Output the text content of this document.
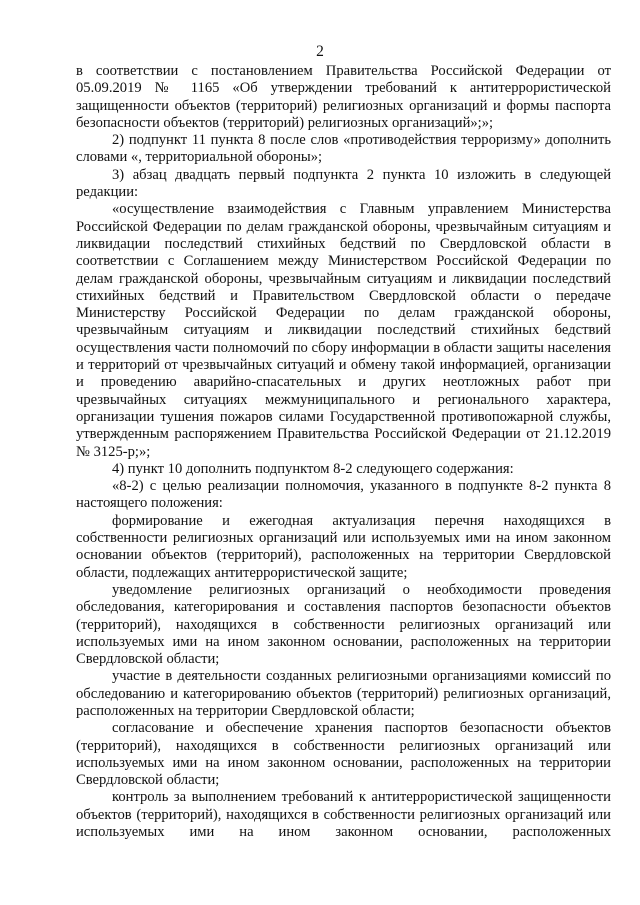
2

в соответствии с постановлением Правительства Российской Федерации от 05.09.2019 № 1165 «Об утверждении требований к антитеррористической защищенности объектов (территорий) религиозных организаций и формы паспорта безопасности объектов (территорий) религиозных организаций»;»;

2) подпункт 11 пункта 8 после слов «противодействия терроризму» дополнить словами «, территориальной обороны»;

3) абзац двадцать первый подпункта 2 пункта 10 изложить в следующей редакции:

«осуществление взаимодействия с Главным управлением Министерства Российской Федерации по делам гражданской обороны, чрезвычайным ситуациям и ликвидации последствий стихийных бедствий по Свердловской области в соответствии с Соглашением между Министерством Российской Федерации по делам гражданской обороны, чрезвычайным ситуациям и ликвидации последствий стихийных бедствий и Правительством Свердловской области о передаче Министерству Российской Федерации по делам гражданской обороны, чрезвычайным ситуациям и ликвидации последствий стихийных бедствий осуществления части полномочий по сбору информации в области защиты населения и территорий от чрезвычайных ситуаций и обмену такой информацией, организации и проведению аварийно-спасательных и других неотложных работ при чрезвычайных ситуациях межмуниципального и регионального характера, организации тушения пожаров силами Государственной противопожарной службы, утвержденным распоряжением Правительства Российской Федерации от 21.12.2019 № 3125-р;»;

4) пункт 10 дополнить подпунктом 8-2 следующего содержания:

«8-2) с целью реализации полномочия, указанного в подпункте 8-2 пункта 8 настоящего положения:

формирование и ежегодная актуализация перечня находящихся в собственности религиозных организаций или используемых ими на ином законном основании объектов (территорий), расположенных на территории Свердловской области, подлежащих антитеррористической защите;

уведомление религиозных организаций о необходимости проведения обследования, категорирования и составления паспортов безопасности объектов (территорий), находящихся в собственности религиозных организаций или используемых ими на ином законном основании, расположенных на территории Свердловской области;

участие в деятельности созданных религиозными организациями комиссий по обследованию и категорированию объектов (территорий) религиозных организаций, расположенных на территории Свердловской области;

согласование и обеспечение хранения паспортов безопасности объектов (территорий), находящихся в собственности религиозных организаций или используемых ими на ином законном основании, расположенных на территории Свердловской области;

контроль за выполнением требований к антитеррористической защищенности объектов (территорий), находящихся в собственности религиозных организаций или используемых ими на ином законном основании, расположенных
